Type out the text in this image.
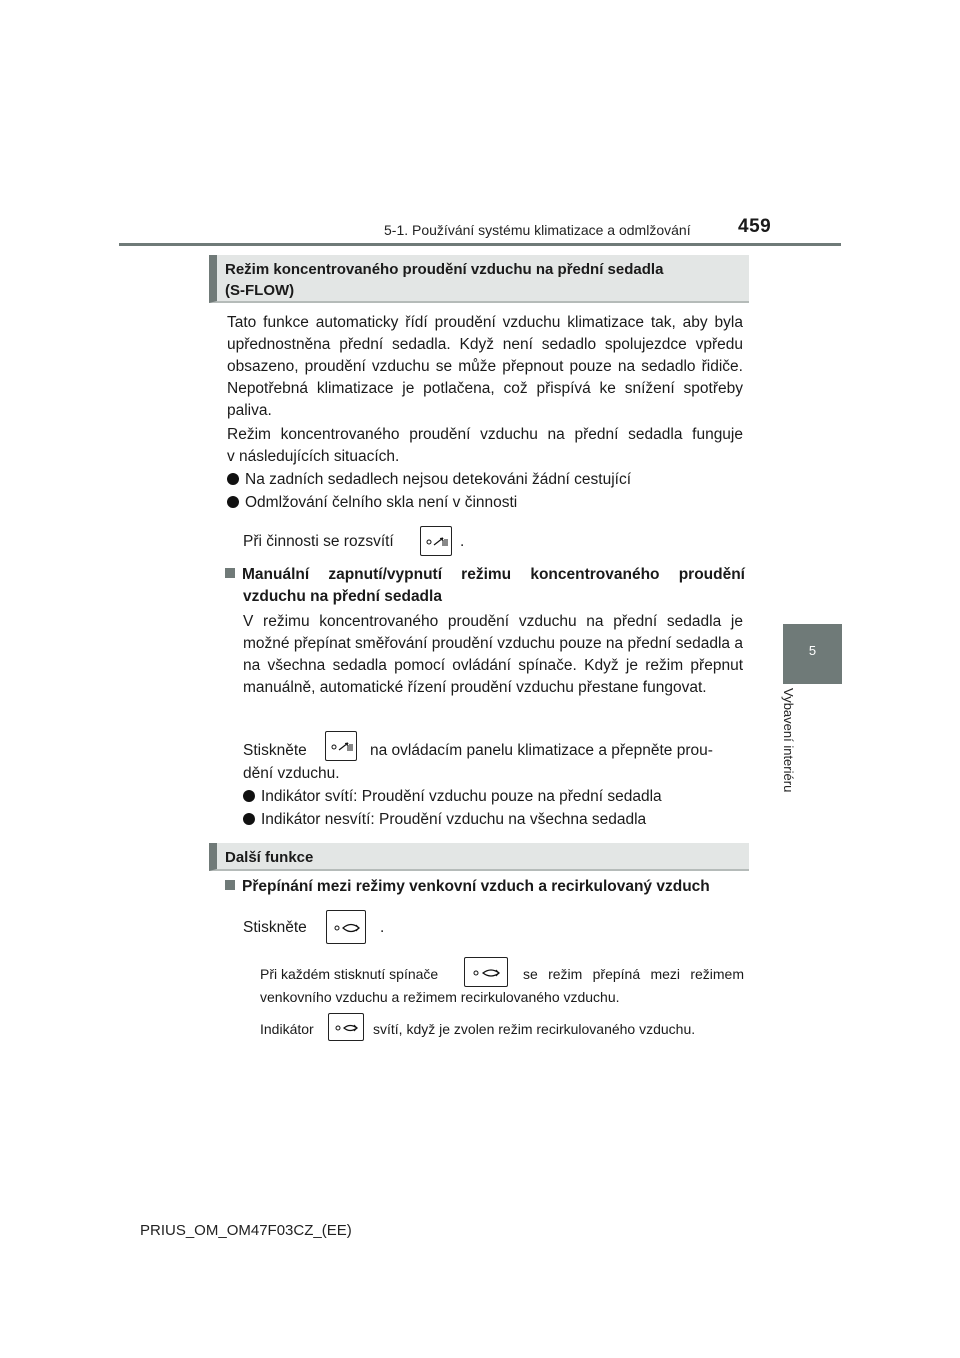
5-1. Používání systému klimatizace a odmlžování 459
5
Vybavení interiéru
Režim koncentrovaného proudění vzduchu na přední sedadla
(S-FLOW)
Tato funkce automaticky řídí proudění vzduchu klimatizace tak, aby byla upřednostněna přední sedadla. Když není sedadlo spolujezdce vpředu obsazeno, proudění vzduchu se může přepnout pouze na sedadlo řidiče. Nepotřebná klimatizace je potlačena, což přispívá ke snížení spotřeby paliva.
Režim koncentrovaného proudění vzduchu na přední sedadla funguje
v následujících situacích.
Na zadních sedadlech nejsou detekováni žádní cestující
Odmlžování čelního skla není v činnosti
Při činnosti se rozsvítí	.
Manuální zapnutí/vypnutí režimu koncentrovaného proudění
vzduchu na přední sedadla
V režimu koncentrovaného proudění vzduchu na přední sedadla je možné přepínat směřování proudění vzduchu pouze na přední sedadla a na všechna sedadla pomocí ovládání spínače. Když je režim přepnut manuálně, automatické řízení proudění vzduchu přestane fungovat.
Stiskněte	na ovládacím panelu klimatizace a přepněte prou-
dění vzduchu.
Indikátor svítí: Proudění vzduchu pouze na přední sedadla
Indikátor nesvítí: Proudění vzduchu na všechna sedadla
Další funkce
Přepínání mezi režimy venkovní vzduch a recirkulovaný vzduch
Stiskněte	.
Při každém stisknutí spínače	se režim přepíná mezi režimem
venkovního vzduchu a režimem recirkulovaného vzduchu.
Indikátor	svítí, když je zvolen režim recirkulovaného vzduchu.
PRIUS_OM_OM47F03CZ_(EE)
